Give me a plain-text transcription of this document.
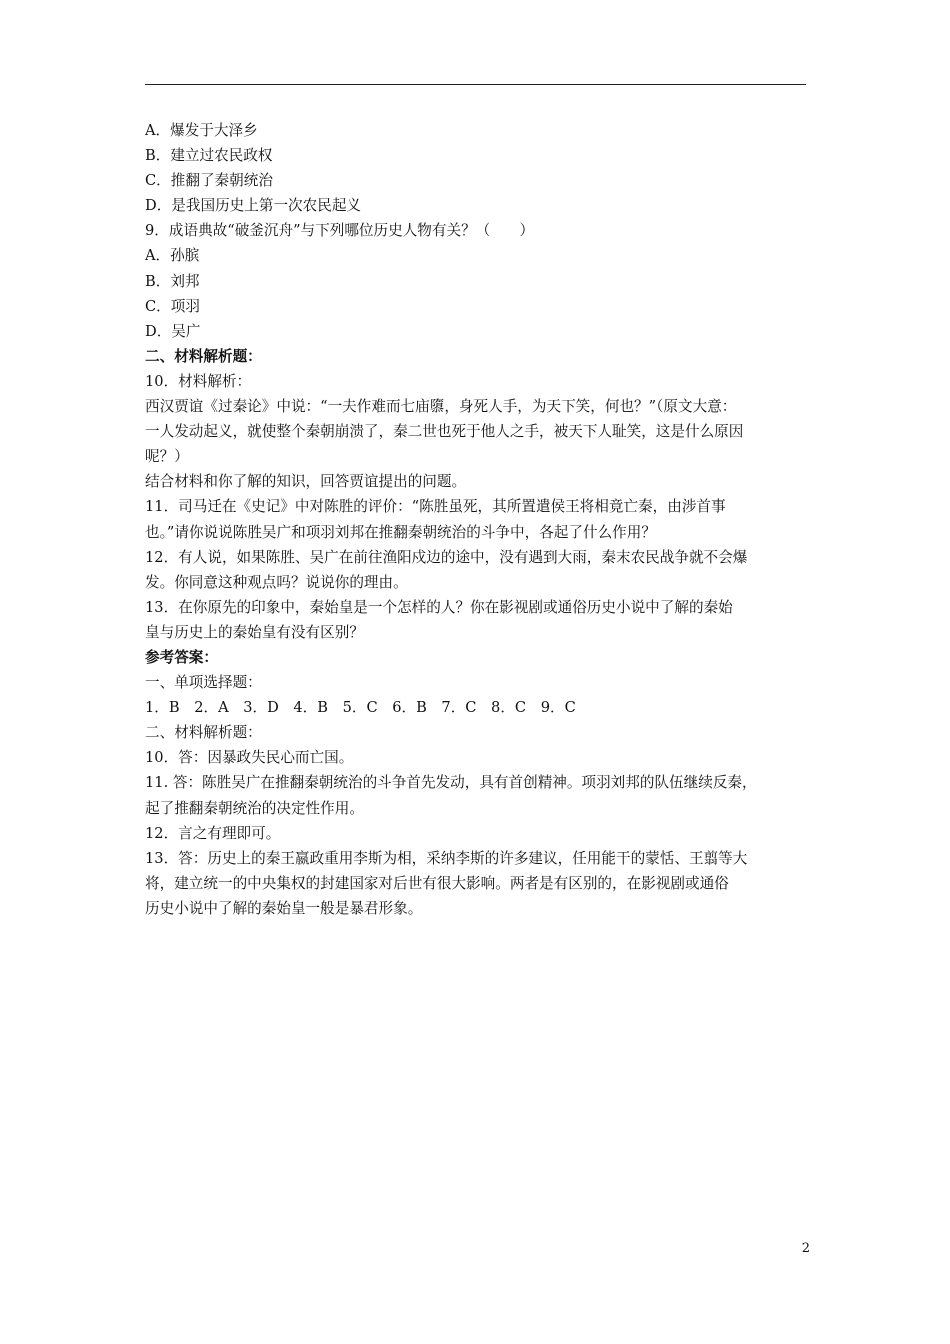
A．爆发于大泽乡

B．建立过农民政权

C．推翻了秦朝统治

D．是我国历史上第一次农民起义

9．成语典故“破釜沉舟”与下列哪位历史人物有关？（　　）

A．孙膑

B．刘邦

C．项羽

D．吴广

二、材料解析题：

10．材料解析：

西汉贾谊《过秦论》中说：“一夫作难而七庙隳，身死人手，为天下笑，何也？”（原文大意：

一人发动起义，就使整个秦朝崩溃了，秦二世也死于他人之手，被天下人耻笑，这是什么原因

呢？）

结合材料和你了解的知识，回答贾谊提出的问题。

11．司马迁在《史记》中对陈胜的评价：“陈胜虽死，其所置遣侯王将相竟亡秦，由涉首事

也。”请你说说陈胜吴广和项羽刘邦在推翻秦朝统治的斗争中，各起了什么作用？

12．有人说，如果陈胜、吴广在前往渔阳戍边的途中，没有遇到大雨，秦末农民战争就不会爆

发。你同意这种观点吗？说说你的理由。

13．在你原先的印象中，秦始皇是一个怎样的人？你在影视剧或通俗历史小说中了解的秦始

皇与历史上的秦始皇有没有区别？

参考答案：

一、单项选择题：

1．B　2．A　3．D　4．B　5．C　6．B　7．C　8．C　9．C

二、材料解析题：

10．答：因暴政失民心而亡国。

11. 答：陈胜吴广在推翻秦朝统治的斗争首先发动，具有首创精神。项羽刘邦的队伍继续反秦，

起了推翻秦朝统治的决定性作用。

12．言之有理即可。

13．答：历史上的秦王嬴政重用李斯为相，采纳李斯的许多建议，任用能干的蒙恬、王翦等大

将，建立统一的中央集权的封建国家对后世有很大影响。两者是有区别的，在影视剧或通俗

历史小说中了解的秦始皇一般是暴君形象。

2
